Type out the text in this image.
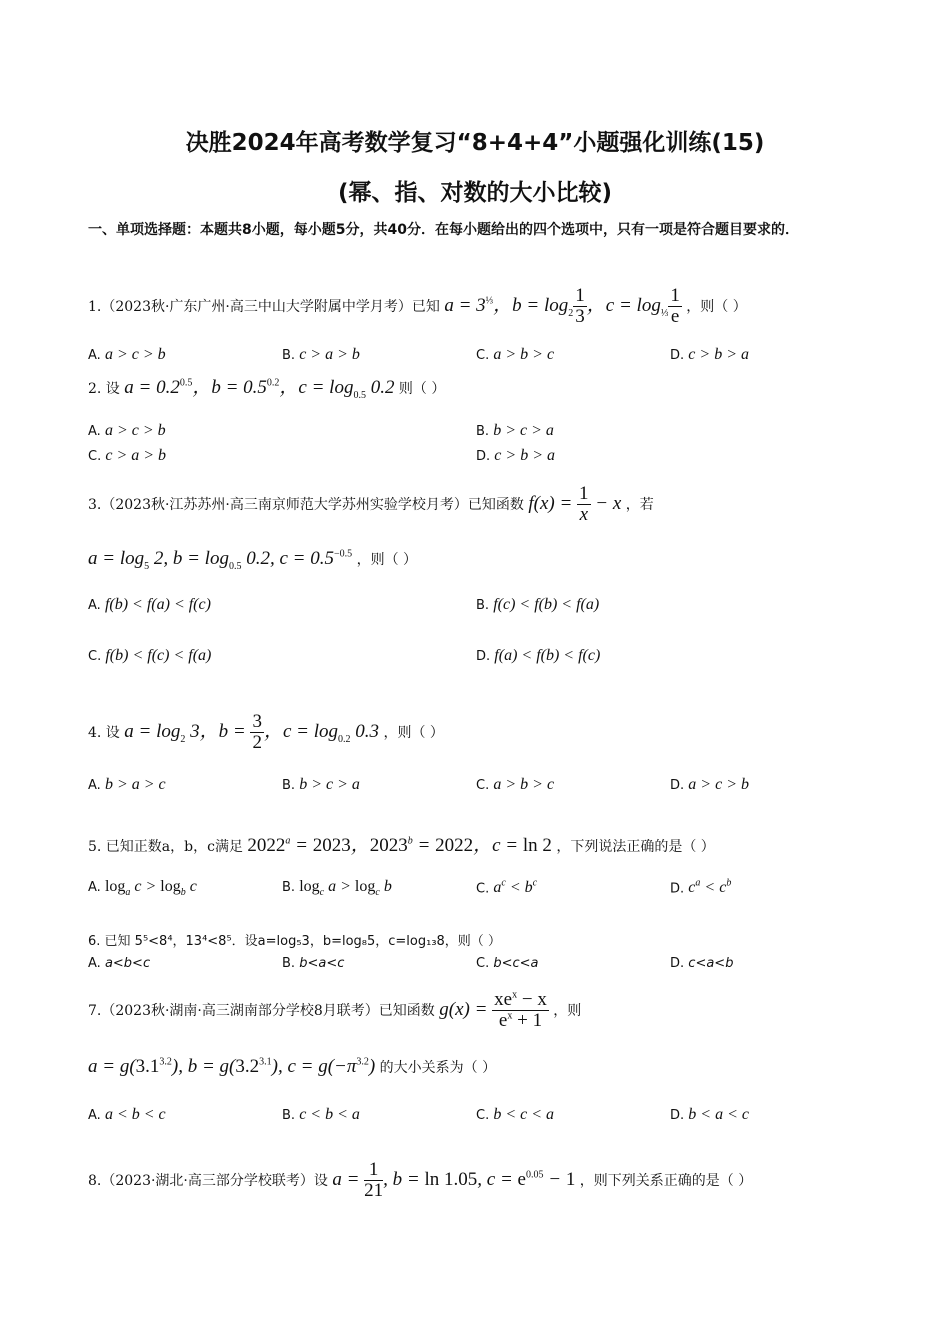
决胜2024年高考数学复习“8+4+4”小题强化训练(15)
(幂、指、对数的大小比较)
一、单项选择题：本题共8小题，每小题5分，共40分．在每小题给出的四个选项中，只有一项是符合题目要求的．
1.（2023秋·广东广州·高三中山大学附属中学月考）已知 $a = 3^{\frac{1}{3}}$，$b = \log_2 \frac{1}{3}$ ，$c = \log_{\frac{1}{3}} \frac{1}{e}$ ，则（ ）
A. a > c > b	B. c > a > b	C. a > b > c	D. c > b > a
2. 设 $a = 0.2^{0.5}$，$b = 0.5^{0.2}$，$c = \log_{0.5} 0.2$ 则（ ）
A. a > c > b	B. b > c > a
C. c > a > b	D. c > b > a
3.（2023秋·江苏苏州·高三南京师范大学苏州实验学校月考）已知函数 $f(x) = \frac{1}{x} - x$ ，若
$a = \log_5 2$, $b = \log_{0.5} 0.2$, $c = 0.5^{-0.5}$ ，则（ ）
A. f(b) < f(a) < f(c)	B. f(c) < f(b) < f(a)
C. f(b) < f(c) < f(a)	D. f(a) < f(b) < f(c)
4. 设 $a = \log_2 3$，$b = \frac{3}{2}$ ，$c = \log_{0.2} 0.3$ ，则（ ）
A. b > a > c	B. b > c > a	C. a > b > c	D. a > c > b
5. 已知正数a，b，c满足 $2022^a = 2023$，$2023^b = 2022$，c = ln 2 ，下列说法正确的是（ ）
A. $\log_a c > \log_b c$	B. $\log_c a > \log_c b$	C. $a^c < b^c$	D. $c^a < c^b$
6. 已知 5⁵<8⁴，13⁴<8⁵．设a=log₅3，b=log₈5，c=log₁₃8，则（ ）
A. a<b<c	B. b<a<c	C. b<c<a	D. c<a<b
7.（2023秋·湖南·高三湖南部分学校8月联考）已知函数 $g(x) = \frac{xe^x - x}{e^x + 1}$ ，则
$a = g(3.1^{3.2})$, $b = g(3.2^{3.1})$, $c = g(-\pi^{3.2})$ 的大小关系为（ ）
A. a < b < c	B. c < b < a	C. b < c < a	D. b < a < c
8.（2023·湖北·高三部分学校联考）设 $a = \frac{1}{21}$ , b = ln 1.05, $c = e^{0.05} - 1$ ，则下列关系正确的是（ ）
